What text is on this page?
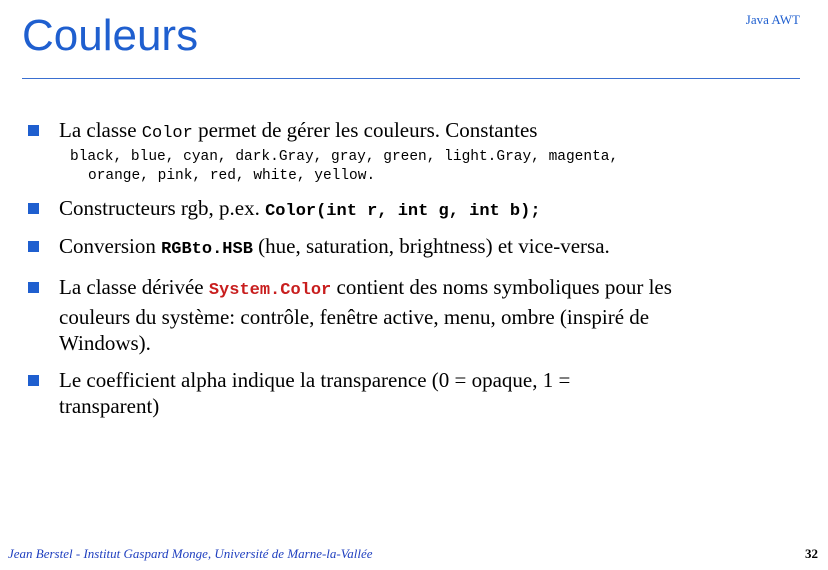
Couleurs	Java AWT
La classe Color permet de gérer les couleurs. Constantes
black, blue, cyan, dark.Gray, gray, green, light.Gray, magenta,
orange, pink, red, white, yellow.
Constructeurs rgb, p.ex. Color(int r, int g, int b);
Conversion RGBto.HSB (hue, saturation, brightness) et vice-versa.
La classe dérivée System.Color contient des noms symboliques pour les couleurs du système: contrôle, fenêtre active, menu, ombre (inspiré de Windows).
Le coefficient alpha indique la transparence (0 = opaque, 1 = transparent)
Jean Berstel - Institut Gaspard Monge, Université de Marne-la-Vallée	32
